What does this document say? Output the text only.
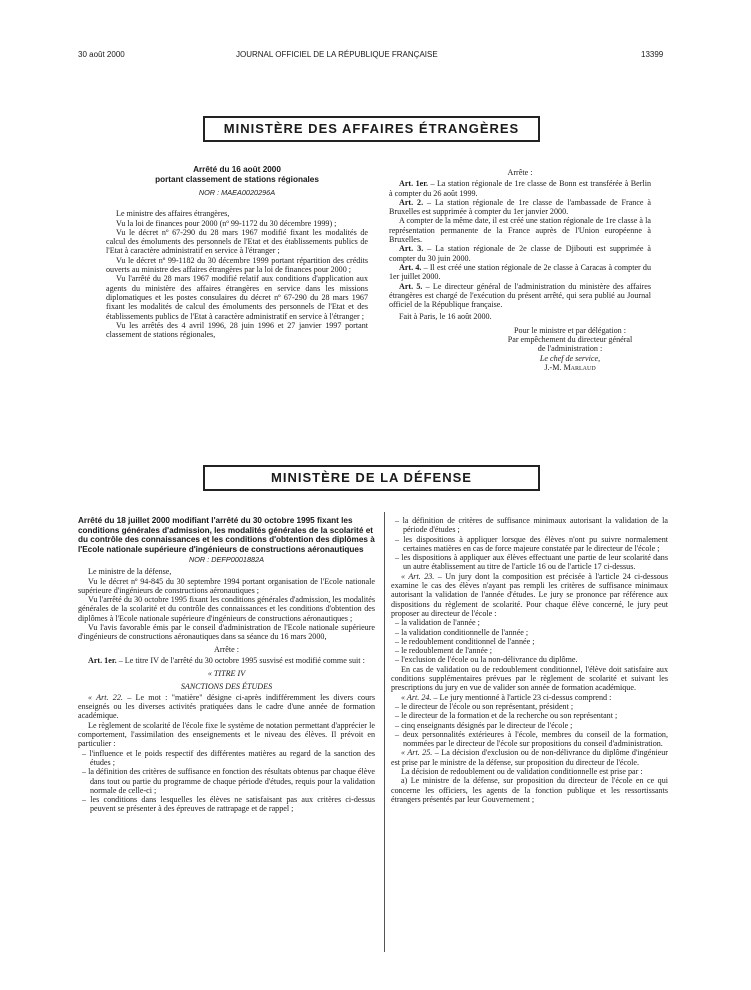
30 août 2000	JOURNAL OFFICIEL DE LA RÉPUBLIQUE FRANÇAISE	13399
MINISTÈRE DES AFFAIRES ÉTRANGÈRES
Arrêté du 16 août 2000
portant classement de stations régionales
NOR : MAEA0020296A

Le ministre des affaires étrangères,

Vu la loi de finances pour 2000 (nº 99-1172 du 30 décembre 1999) ;

Vu le décret nº 67-290 du 28 mars 1967 modifié fixant les modalités de calcul des émoluments des personnels de l'Etat et des établissements publics de l'Etat à caractère administratif en service à l'étranger ;

Vu le décret nº 99-1182 du 30 décembre 1999 portant répartition des crédits ouverts au ministre des affaires étrangères par la loi de finances pour 2000 ;

Vu l'arrêté du 28 mars 1967 modifié relatif aux conditions d'application aux agents du ministère des affaires étrangères en service dans les missions diplomatiques et les postes consulaires du décret nº 67-290 du 28 mars 1967 fixant les modalités de calcul des émoluments des personnels de l'Etat et des établissements publics de l'Etat à caractère administratif en service à l'étranger ;

Vu les arrêtés des 4 avril 1996, 28 juin 1996 et 27 janvier 1997 portant classement de stations régionales,

Arrête :

Art. 1er. – La station régionale de 1re classe de Bonn est transférée à Berlin à compter du 26 août 1999.

Art. 2. – La station régionale de 1re classe de l'ambassade de France à Bruxelles est supprimée à compter du 1er janvier 2000.

A compter de la même date, il est créé une station régionale de 1re classe à la représentation permanente de la France auprès de l'Union européenne à Bruxelles.

Art. 3. – La station régionale de 2e classe de Djibouti est supprimée à compter du 30 juin 2000.

Art. 4. – Il est créé une station régionale de 2e classe à Caracas à compter du 1er juillet 2000.

Art. 5. – Le directeur général de l'administration du ministère des affaires étrangères est chargé de l'exécution du présent arrêté, qui sera publié au Journal officiel de la République française.

Fait à Paris, le 16 août 2000.

Pour le ministre et par délégation :
Par empêchement du directeur général
de l'administration :
Le chef de service,
J.-M. Marlaud
MINISTÈRE DE LA DÉFENSE
Arrêté du 18 juillet 2000 modifiant l'arrêté du 30 octobre 1995 fixant les conditions générales d'admission, les modalités générales de la scolarité et du contrôle des connaissances et les conditions d'obtention des diplômes à l'Ecole nationale supérieure d'ingénieurs de constructions aéronautiques
NOR : DEFP0001882A

Le ministre de la défense,

Vu le décret nº 94-845 du 30 septembre 1994 portant organisation de l'Ecole nationale supérieure d'ingénieurs de constructions aéronautiques ;

Vu l'arrêté du 30 octobre 1995 fixant les conditions générales d'admission, les modalités générales de la scolarité et du contrôle des connaissances et les conditions d'obtention des diplômes à l'Ecole nationale supérieure d'ingénieurs de constructions aéronautiques ;

Vu l'avis favorable émis par le conseil d'administration de l'Ecole nationale supérieure d'ingénieurs de constructions aéronautiques dans sa séance du 16 mars 2000,

Arrête :

Art. 1er. – Le titre IV de l'arrêté du 30 octobre 1995 susvisé est modifié comme suit :

« TITRE IV

SANCTIONS DES ÉTUDES

« Art. 22. – Le mot : "matière" désigne ci-après indifféremment les divers cours enseignés ou les diverses activités pratiquées dans le cadre d'une année de formation académique.

Le règlement de scolarité de l'école fixe le système de notation permettant d'apprécier le comportement, l'assimilation des enseignements et le niveau des élèves. Il prévoit en particulier :

– l'influence et le poids respectif des différentes matières au regard de la sanction des études ;

– la définition des critères de suffisance en fonction des résultats obtenus par chaque élève dans tout ou partie du programme de chaque période d'études, requis pour la validation normale de celle-ci ;

– les conditions dans lesquelles les élèves ne satisfaisant pas aux critères ci-dessus peuvent se présenter à des épreuves de rattrapage et de rappel ;

– la définition de critères de suffisance minimaux autorisant la validation de la période d'études ;

– les dispositions à appliquer lorsque des élèves n'ont pu suivre normalement certaines matières en cas de force majeure constatée par le directeur de l'école ;

– les dispositions à appliquer aux élèves effectuant une partie de leur scolarité dans un autre établissement au titre de l'article 16 ou de l'article 17 ci-dessus.

« Art. 23. – Un jury dont la composition est précisée à l'article 24 ci-dessous examine le cas des élèves n'ayant pas rempli les critères de suffisance minimaux autorisant la validation de l'année d'études. Le jury se prononce par référence aux dispositions du règlement de scolarité. Pour chaque élève concerné, le jury peut proposer au directeur de l'école :

– la validation de l'année ;

– la validation conditionnelle de l'année ;

– le redoublement conditionnel de l'année ;

– le redoublement de l'année ;

– l'exclusion de l'école ou la non-délivrance du diplôme.

En cas de validation ou de redoublement conditionnel, l'élève doit satisfaire aux conditions supplémentaires prévues par le règlement de scolarité et suivant les prescriptions du jury en vue de valider son année de formation académique.

« Art. 24. – Le jury mentionné à l'article 23 ci-dessus comprend :

– le directeur de l'école ou son représentant, président ;

– le directeur de la formation et de la recherche ou son représentant ;

– cinq enseignants désignés par le directeur de l'école ;

– deux personnalités extérieures à l'école, membres du conseil de la formation, nommées par le directeur de l'école sur propositions du conseil d'administration.

« Art. 25. – La décision d'exclusion ou de non-délivrance du diplôme d'ingénieur est prise par le ministre de la défense, sur proposition du directeur de l'école.

La décision de redoublement ou de validation conditionnelle est prise par :

a) Le ministre de la défense, sur proposition du directeur de l'école en ce qui concerne les officiers, les agents de la fonction publique et les ressortissants étrangers présentés par leur Gouvernement ;
